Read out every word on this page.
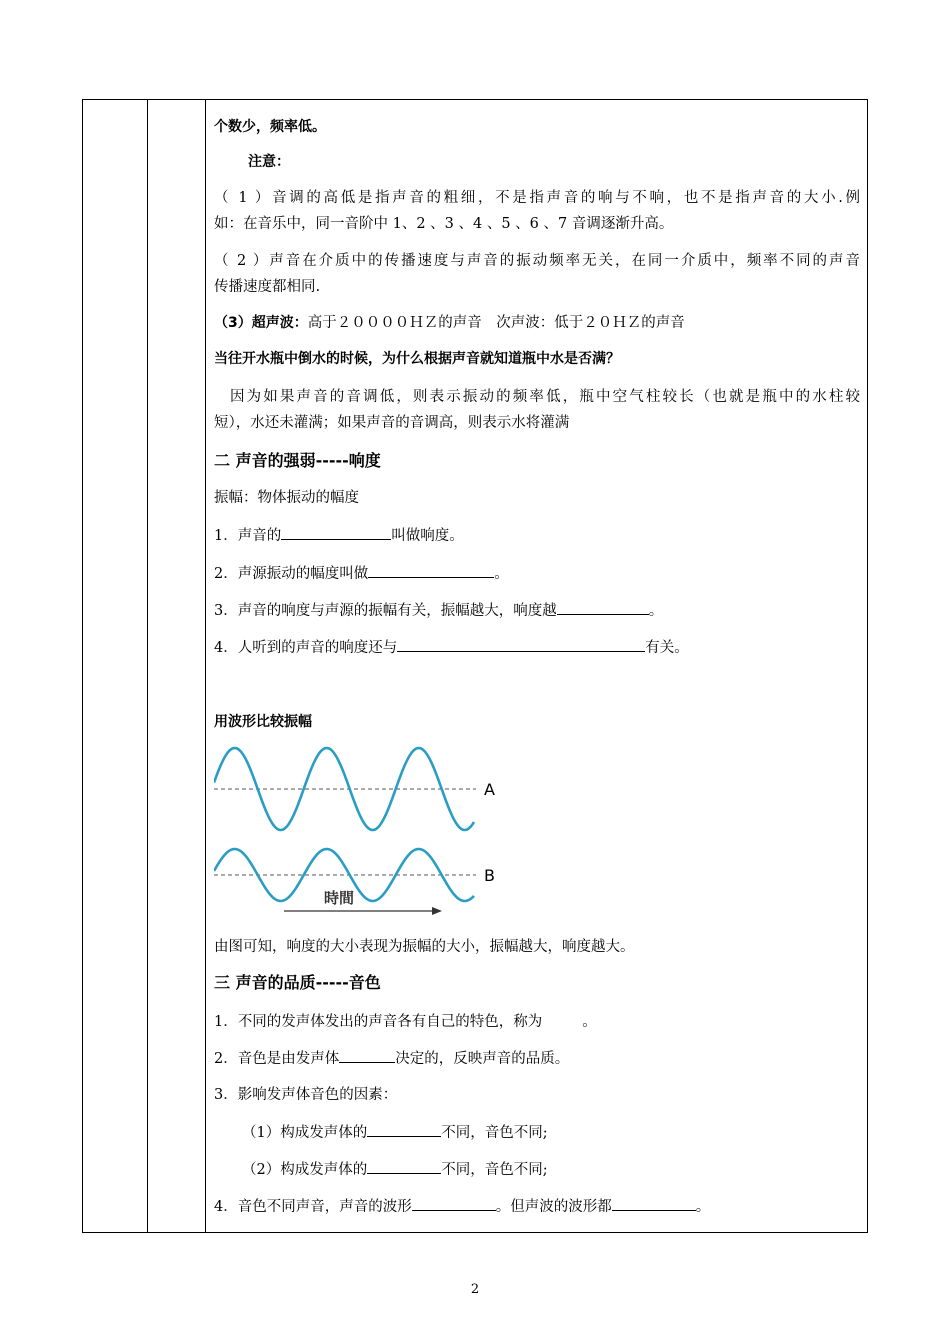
个数少，频率低。
注意：
（ 1 ）音调的高低是指声音的粗细，不是指声音的响与不响，也不是指声音的大小.例
如：在音乐中，同一音阶中 1、2 、3 、4 、5 、6 、7 音调逐渐升高。
（ 2 ）声音在介质中的传播速度与声音的振动频率无关，在同一介质中，频率不同的声音
传播速度都相同.
（3）超声波：高于２００００ＨＺ的声音　次声波：低于２０ＨＺ的声音
当往开水瓶中倒水的时候，为什么根据声音就知道瓶中水是否满？
因为如果声音的音调低，则表示振动的频率低，瓶中空气柱较长（也就是瓶中的水柱较
短），水还未灌满；如果声音的音调高，则表示水将灌满
二 声音的强弱-----响度
振幅：物体振动的幅度
1．声音的	叫做响度。
2．声源振动的幅度叫做	。
3．声音的响度与声源的振幅有关，振幅越大，响度越	。
4．人听到的声音的响度还与	有关。
用波形比较振幅
A
B
時間
由图可知，响度的大小表现为振幅的大小，振幅越大，响度越大。
三 声音的品质-----音色
1．不同的发声体发出的声音各有自己的特色，称为	。
2．音色是由发声体	决定的，反映声音的品质。
3．影响发声体音色的因素：
（1）构成发声体的	不同，音色不同;
（2）构成发声体的	不同，音色不同;
4．音色不同声音，声音的波形	。但声波的波形都	。
2
